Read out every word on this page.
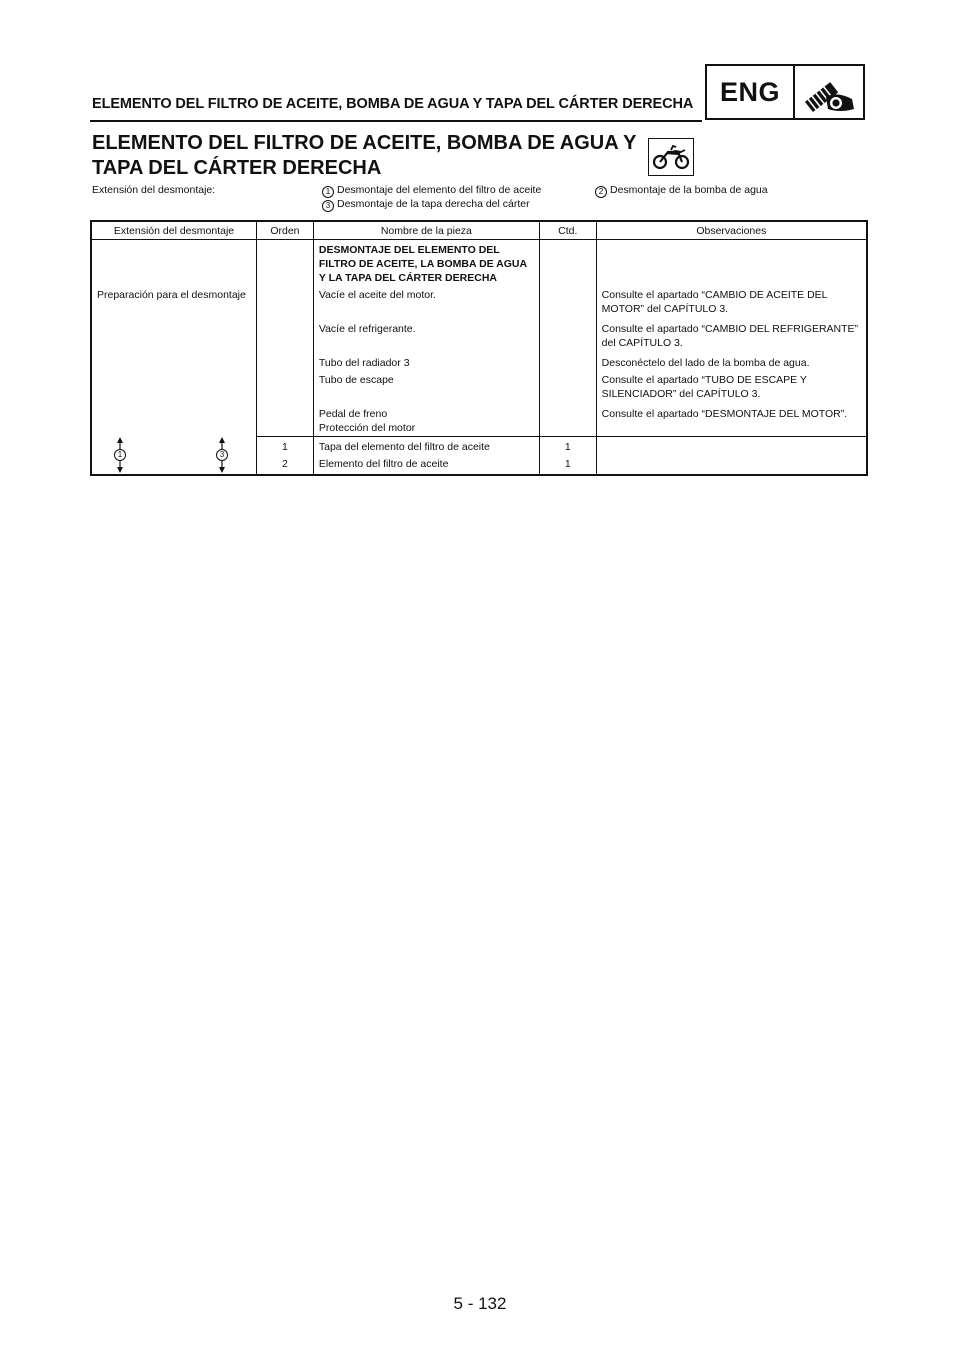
ELEMENTO DEL FILTRO DE ACEITE, BOMBA DE AGUA Y TAPA DEL CÁRTER DERECHA ENG
ELEMENTO DEL FILTRO DE ACEITE, BOMBA DE AGUA Y
TAPA DEL CÁRTER DERECHA
Extensión del desmontaje:	1 Desmontaje del elemento del filtro de aceite	2 Desmontaje de la bomba de agua
3 Desmontaje de la tapa derecha del cárter
Extensión del desmontaje	Orden	Nombre de la pieza	Ctd.	Observaciones
		DESMONTAJE DEL ELEMENTO DEL FILTRO DE ACEITE, LA BOMBA DE AGUA Y LA TAPA DEL CÁRTER DERECHA		
Preparación para el desmontaje		Vacíe el aceite del motor.		Consulte el apartado “CAMBIO DE ACEITE DEL MOTOR” del CAPÍTULO 3.
		Vacíe el refrigerante.		Consulte el apartado “CAMBIO DEL REFRIGERANTE” del CAPÍTULO 3.
		Tubo del radiador 3		Desconéctelo del lado de la bomba de agua.
		Tubo de escape		Consulte el apartado “TUBO DE ESCAPE Y SILENCIADOR” del CAPÍTULO 3.
		Pedal de freno		Consulte el apartado “DESMONTAJE DEL MOTOR”.
		Protección del motor		

1 3	1	Tapa del elemento del filtro de aceite	1	
	2	Elemento del filtro de aceite	1	
5 - 132
